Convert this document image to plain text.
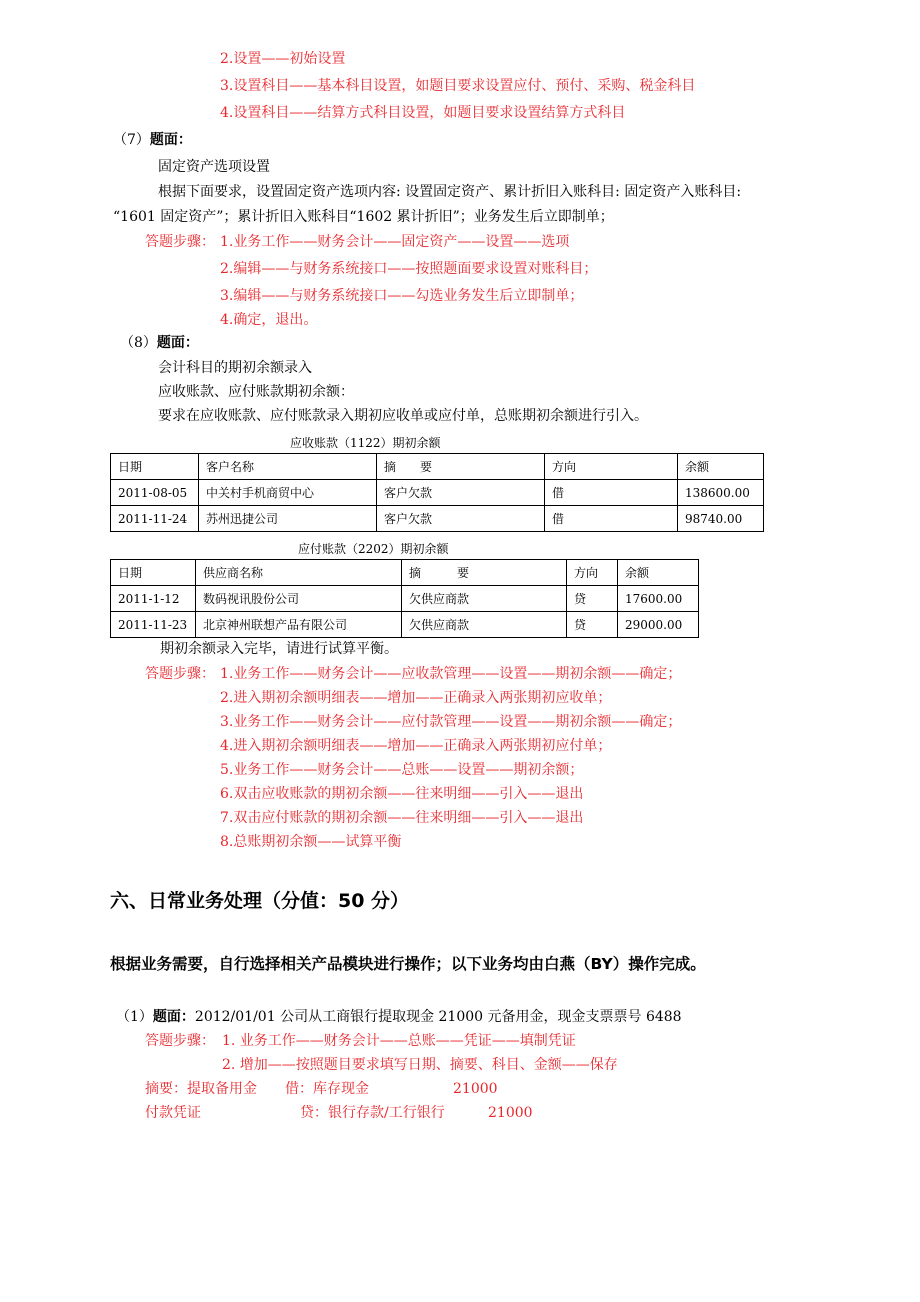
2.设置——初始设置
3.设置科目——基本科目设置，如题目要求设置应付、预付、采购、税金科目
4.设置科目——结算方式科目设置，如题目要求设置结算方式科目
（7）题面：
固定资产选项设置
根据下面要求，设置固定资产选项内容: 设置固定资产、累计折旧入账科目: 固定资产入账科目:
“1601 固定资产”；累计折旧入账科目“1602 累计折旧”；业务发生后立即制单；
答题步骤： 1.业务工作——财务会计——固定资产——设置——选项
2.编辑——与财务系统接口——按照题面要求设置对账科目；
3.编辑——与财务系统接口——勾选业务发生后立即制单；
4.确定，退出。
（8）题面：
会计科目的期初余额录入
应收账款、应付账款期初余额：
要求在应收账款、应付账款录入期初应收单或应付单，总账期初余额进行引入。
应收账款（1122）期初余额
日期	客户名称	摘　　要	方向	余额
2011-08-05	中关村手机商贸中心	客户欠款	借	138600.00
2011-11-24	苏州迅捷公司	客户欠款	借	98740.00
应付账款（2202）期初余额
日期	供应商名称	摘　　　要	方向	余额
2011-1-12	数码视讯股份公司	欠供应商款	贷	17600.00
2011-11-23	北京神州联想产品有限公司	欠供应商款	贷	29000.00
期初余额录入完毕，请进行试算平衡。
答题步骤： 1.业务工作——财务会计——应收款管理——设置——期初余额——确定；
2.进入期初余额明细表——增加——正确录入两张期初应收单；
3.业务工作——财务会计——应付款管理——设置——期初余额——确定；
4.进入期初余额明细表——增加——正确录入两张期初应付单；
5.业务工作——财务会计——总账——设置——期初余额；
6.双击应收账款的期初余额——往来明细——引入——退出
7.双击应付账款的期初余额——往来明细——引入——退出
8.总账期初余额——试算平衡
六、日常业务处理（分值：50 分）
根据业务需要，自行选择相关产品模块进行操作；以下业务均由白燕（BY）操作完成。
（1）题面：2012/01/01 公司从工商银行提取现金 21000 元备用金，现金支票票号 6488
答题步骤： 1. 业务工作——财务会计——总账——凭证——填制凭证
2. 增加——按照题目要求填写日期、摘要、科目、金额——保存
摘要：提取备用金 借：库存现金	21000
付款凭证	贷：银行存款/工行银行	21000
